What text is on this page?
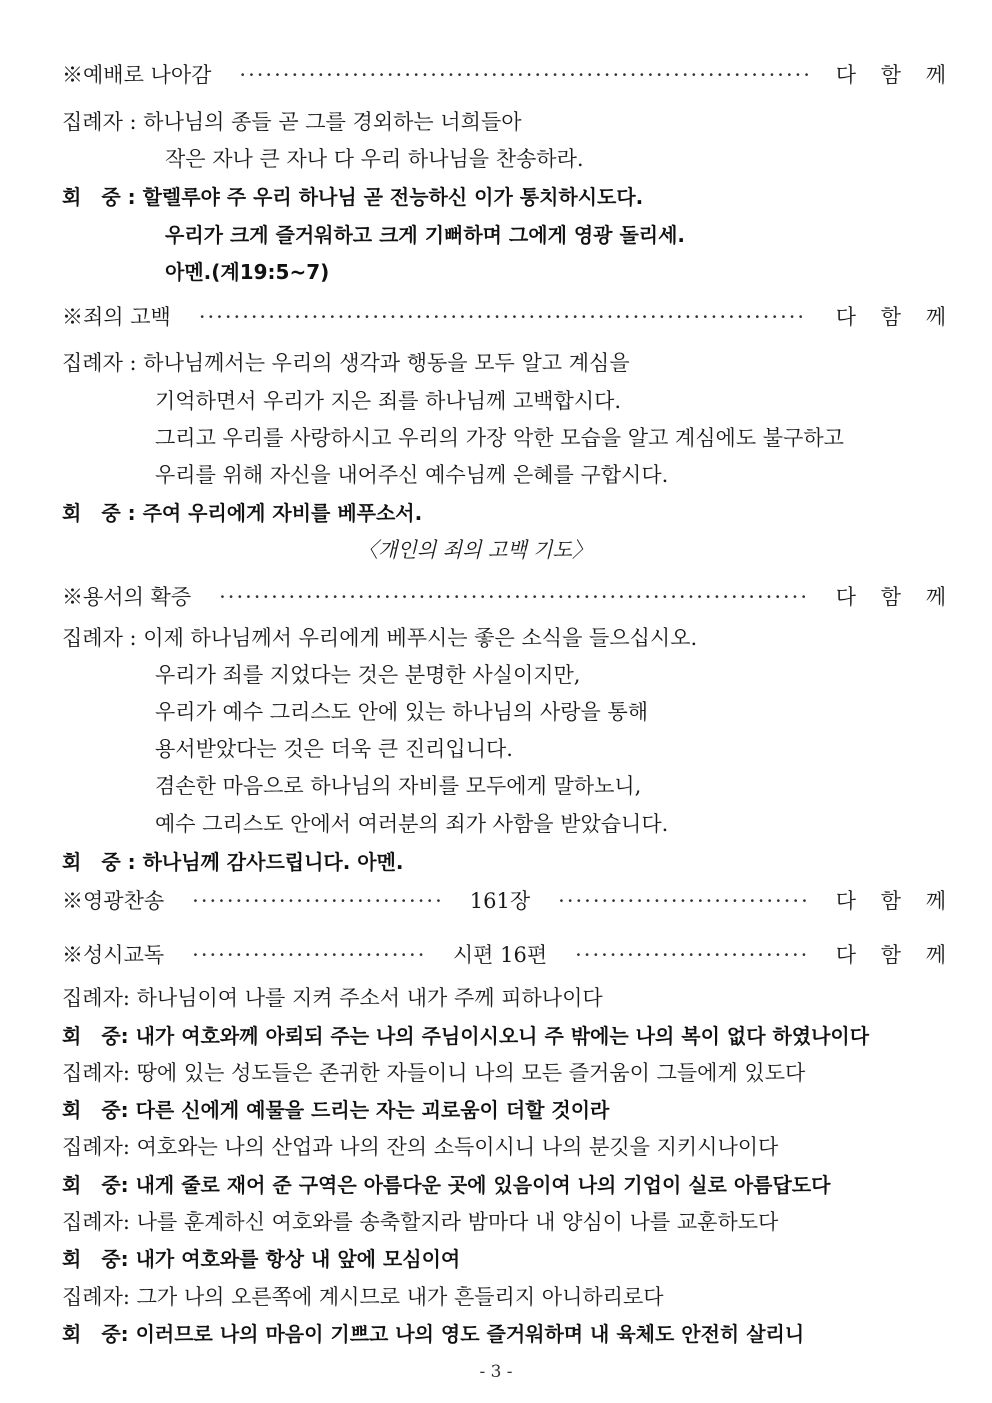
※예배로 나아감 ·····	다 함 께
집례자 : 하나님의 종들 곧 그를 경외하는 너희들아
작은 자나 큰 자나 다 우리 하나님을 찬송하라.
회　중 : 할렐루야 주 우리 하나님 곧 전능하신 이가 통치하시도다.
우리가 크게 즐거워하고 크게 기뻐하며 그에게 영광 돌리세.
아멘.(계19:5~7)
※죄의 고백 ·····	다 함 께
집례자 : 하나님께서는 우리의 생각과 행동을 모두 알고 계심을
기억하면서 우리가 지은 죄를 하나님께 고백합시다.
그리고 우리를 사랑하시고 우리의 가장 악한 모습을 알고 계심에도 불구하고
우리를 위해 자신을 내어주신 예수님께 은혜를 구합시다.
회　중 : 주여 우리에게 자비를 베푸소서.
〈개인의 죄의 고백 기도〉
※용서의 확증 ·····	다 함 께
집례자 : 이제 하나님께서 우리에게 베푸시는 좋은 소식을 들으십시오.
우리가 죄를 지었다는 것은 분명한 사실이지만,
우리가 예수 그리스도 안에 있는 하나님의 사랑을 통해
용서받았다는 것은 더욱 큰 진리입니다.
겸손한 마음으로 하나님의 자비를 모두에게 말하노니,
예수 그리스도 안에서 여러분의 죄가 사함을 받았습니다.
회　중 : 하나님께 감사드립니다. 아멘.
※영광찬송 ·····	161장 ·····	다 함 께
※성시교독 ·····	시편 16편 ·····	다 함 께
집례자: 하나님이여 나를 지켜 주소서 내가 주께 피하나이다
회　중: 내가 여호와께 아뢰되 주는 나의 주님이시오니 주 밖에는 나의 복이 없다 하였나이다
집례자: 땅에 있는 성도들은 존귀한 자들이니 나의 모든 즐거움이 그들에게 있도다
회　중: 다른 신에게 예물을 드리는 자는 괴로움이 더할 것이라
집례자: 여호와는 나의 산업과 나의 잔의 소득이시니 나의 분깃을 지키시나이다
회　중: 내게 줄로 재어 준 구역은 아름다운 곳에 있음이여 나의 기업이 실로 아름답도다
집례자: 나를 훈계하신 여호와를 송축할지라 밤마다 내 양심이 나를 교훈하도다
회　중: 내가 여호와를 항상 내 앞에 모심이여
집례자: 그가 나의 오른쪽에 계시므로 내가 흔들리지 아니하리로다
회　중: 이러므로 나의 마음이 기쁘고 나의 영도 즐거워하며 내 육체도 안전히 살리니
- 3 -
